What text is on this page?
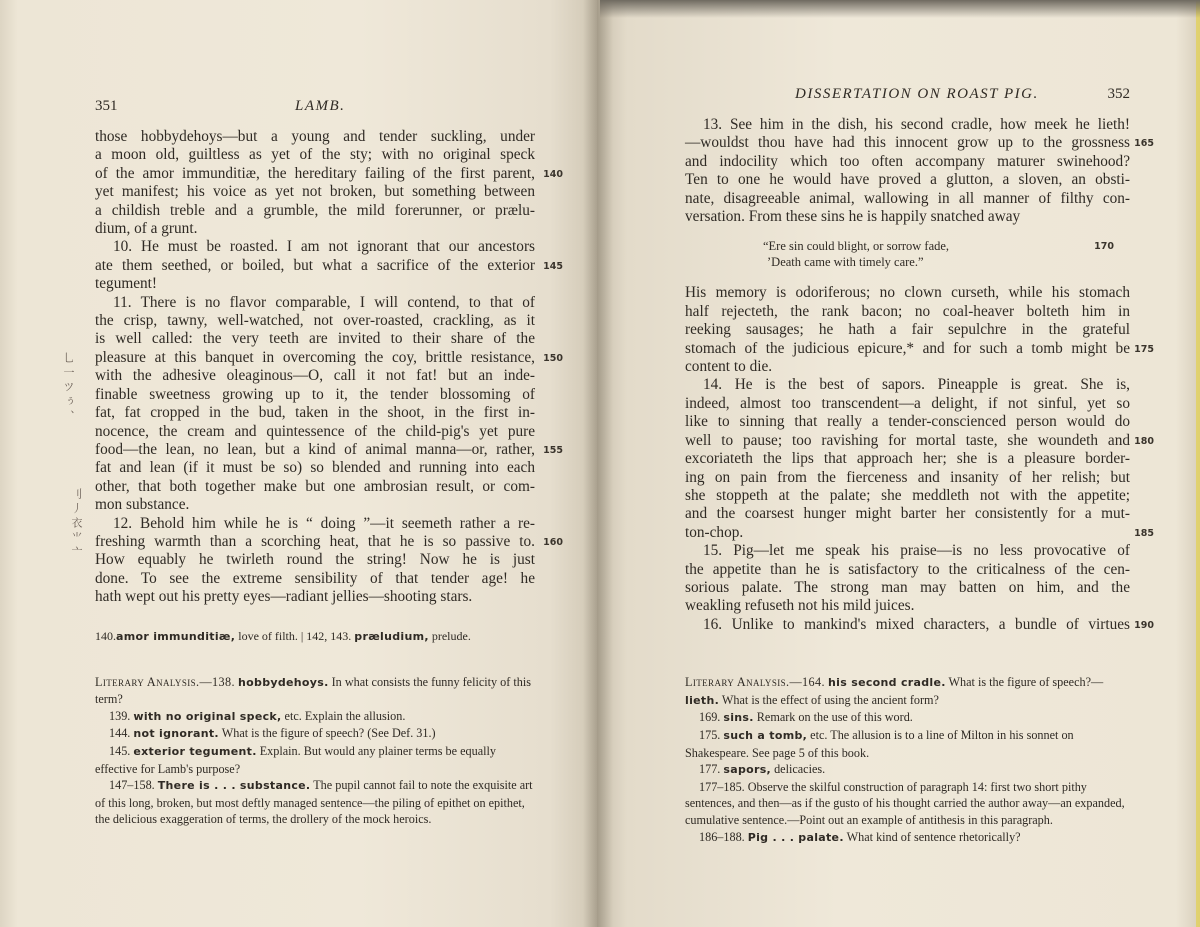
351	LAMB.
those hobbydehoys—but a young and tender suckling, under
a moon old, guiltless as yet of the sty; with no original speck
of the amor immunditiæ, the hereditary failing of the first parent, 140
yet manifest; his voice as yet not broken, but something between
a childish treble and a grumble, the mild forerunner, or prælu-
dium, of a grunt.
10. He must be roasted. I am not ignorant that our ancestors
ate them seethed, or boiled, but what a sacrifice of the exterior 145
tegument!
11. There is no flavor comparable, I will contend, to that of
the crisp, tawny, well-watched, not over-roasted, crackling, as it
is well called: the very teeth are invited to their share of the
pleasure at this banquet in overcoming the coy, brittle resistance, 150
with the adhesive oleaginous—O, call it not fat! but an inde-
finable sweetness growing up to it, the tender blossoming of
fat, fat cropped in the bud, taken in the shoot, in the first in-
nocence, the cream and quintessence of the child-pig's yet pure
food—the lean, no lean, but a kind of animal manna—or, rather, 155
fat and lean (if it must be so) so blended and running into each
other, that both together make but one ambrosian result, or com-
mon substance.
12. Behold him while he is “ doing ”—it seemeth rather a re-
freshing warmth than a scorching heat, that he is so passive to. 160
How equably he twirleth round the string! Now he is just
done. To see the extreme sensibility of that tender age! he
hath wept out his pretty eyes—radiant jellies—shooting stars.
140.amor immunditiæ, love of filth. | 142, 143. præludium, prelude.
Literary Analysis.—138. hobbydehoys. In what consists the funny felicity of this term?
139. with no original speck, etc. Explain the allusion.
144. not ignorant. What is the figure of speech? (See Def. 31.)
145. exterior tegument. Explain. But would any plainer terms be equally effective for Lamb's purpose?
147–158. There is . . . substance. The pupil cannot fail to note the exquisite art of this long, broken, but most deftly managed sentence—the piling of epithet on epithet, the delicious exaggeration of terms, the drollery of the mock heroics.
⺃ 一 ツ ぅ 、
⺉ 丿 衣 ⺌ 亠
DISSERTATION ON ROAST PIG.	352
13. See him in the dish, his second cradle, how meek he lieth!
—wouldst thou have had this innocent grow up to the grossness 165
and indocility which too often accompany maturer swinehood?
Ten to one he would have proved a glutton, a sloven, an obsti-
nate, disagreeable animal, wallowing in all manner of filthy con-
versation. From these sins he is happily snatched away
“Ere sin could blight, or sorrow fade,	170
’Death came with timely care.”
His memory is odoriferous; no clown curseth, while his stomach
half rejecteth, the rank bacon; no coal-heaver bolteth him in
reeking sausages; he hath a fair sepulchre in the grateful
stomach of the judicious epicure,* and for such a tomb might be 175
content to die.
14. He is the best of sapors. Pineapple is great. She is,
indeed, almost too transcendent—a delight, if not sinful, yet so
like to sinning that really a tender-conscienced person would do
well to pause; too ravishing for mortal taste, she woundeth and 180
excoriateth the lips that approach her; she is a pleasure border-
ing on pain from the fierceness and insanity of her relish; but
she stoppeth at the palate; she meddleth not with the appetite;
and the coarsest hunger might barter her consistently for a mut-
ton-chop.	185
15. Pig—let me speak his praise—is no less provocative of
the appetite than he is satisfactory to the criticalness of the cen-
sorious palate. The strong man may batten on him, and the
weakling refuseth not his mild juices.
16. Unlike to mankind's mixed characters, a bundle of virtues 190
Literary Analysis.—164. his second cradle. What is the figure of speech?—lieth. What is the effect of using the ancient form?
169. sins. Remark on the use of this word.
175. such a tomb, etc. The allusion is to a line of Milton in his sonnet on Shakespeare. See page 5 of this book.
177. sapors, delicacies.
177–185. Observe the skilful construction of paragraph 14: first two short pithy sentences, and then—as if the gusto of his thought carried the author away—an expanded, cumulative sentence.—Point out an example of antithesis in this paragraph.
186–188. Pig . . . palate. What kind of sentence rhetorically?
